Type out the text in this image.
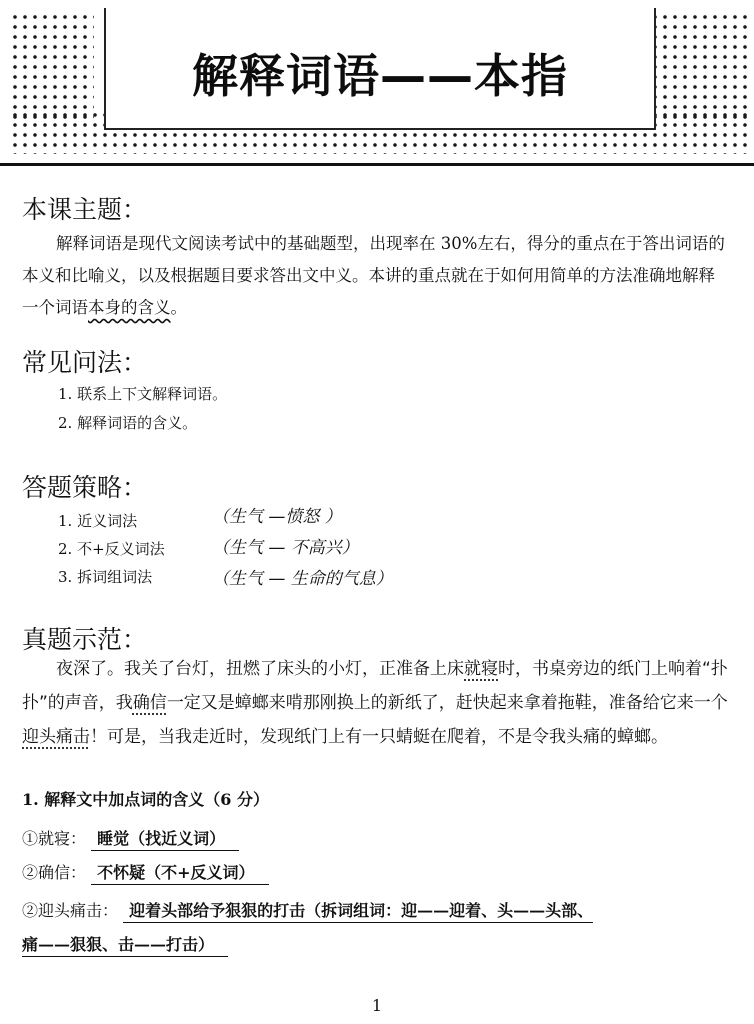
解释词语——本指
本课主题：
解释词语是现代文阅读考试中的基础题型，出现率在 30%左右，得分的重点在于答出词语的本义和比喻义，以及根据题目要求答出文中义。本讲的重点就在于如何用简单的方法准确地解释一个词语本身的含义。
常见问法：
1. 联系上下文解释词语。
2. 解释词语的含义。
答题策略：
1. 近义词法	（生气 —愤怒 ）
2. 不+反义词法	（生气 — 不高兴）
3. 拆词组词法	（生气 — 生命的气息）
真题示范：
夜深了。我关了台灯，扭燃了床头的小灯，正准备上床就寝时，书桌旁边的纸门上响着“扑扑”的声音，我确信一定又是蟑螂来啃那刚换上的新纸了，赶快起来拿着拖鞋，准备给它来一个迎头痛击！可是，当我走近时，发现纸门上有一只蜻蜓在爬着，不是令我头痛的蟑螂。
1. 解释文中加点词的含义（6 分）
①就寝： 睡觉（找近义词）
②确信： 不怀疑（不+反义词）
②迎头痛击： 迎着头部给予狠狠的打击（拆词组词：迎——迎着、头——头部、
痛——狠狠、击——打击）
1
